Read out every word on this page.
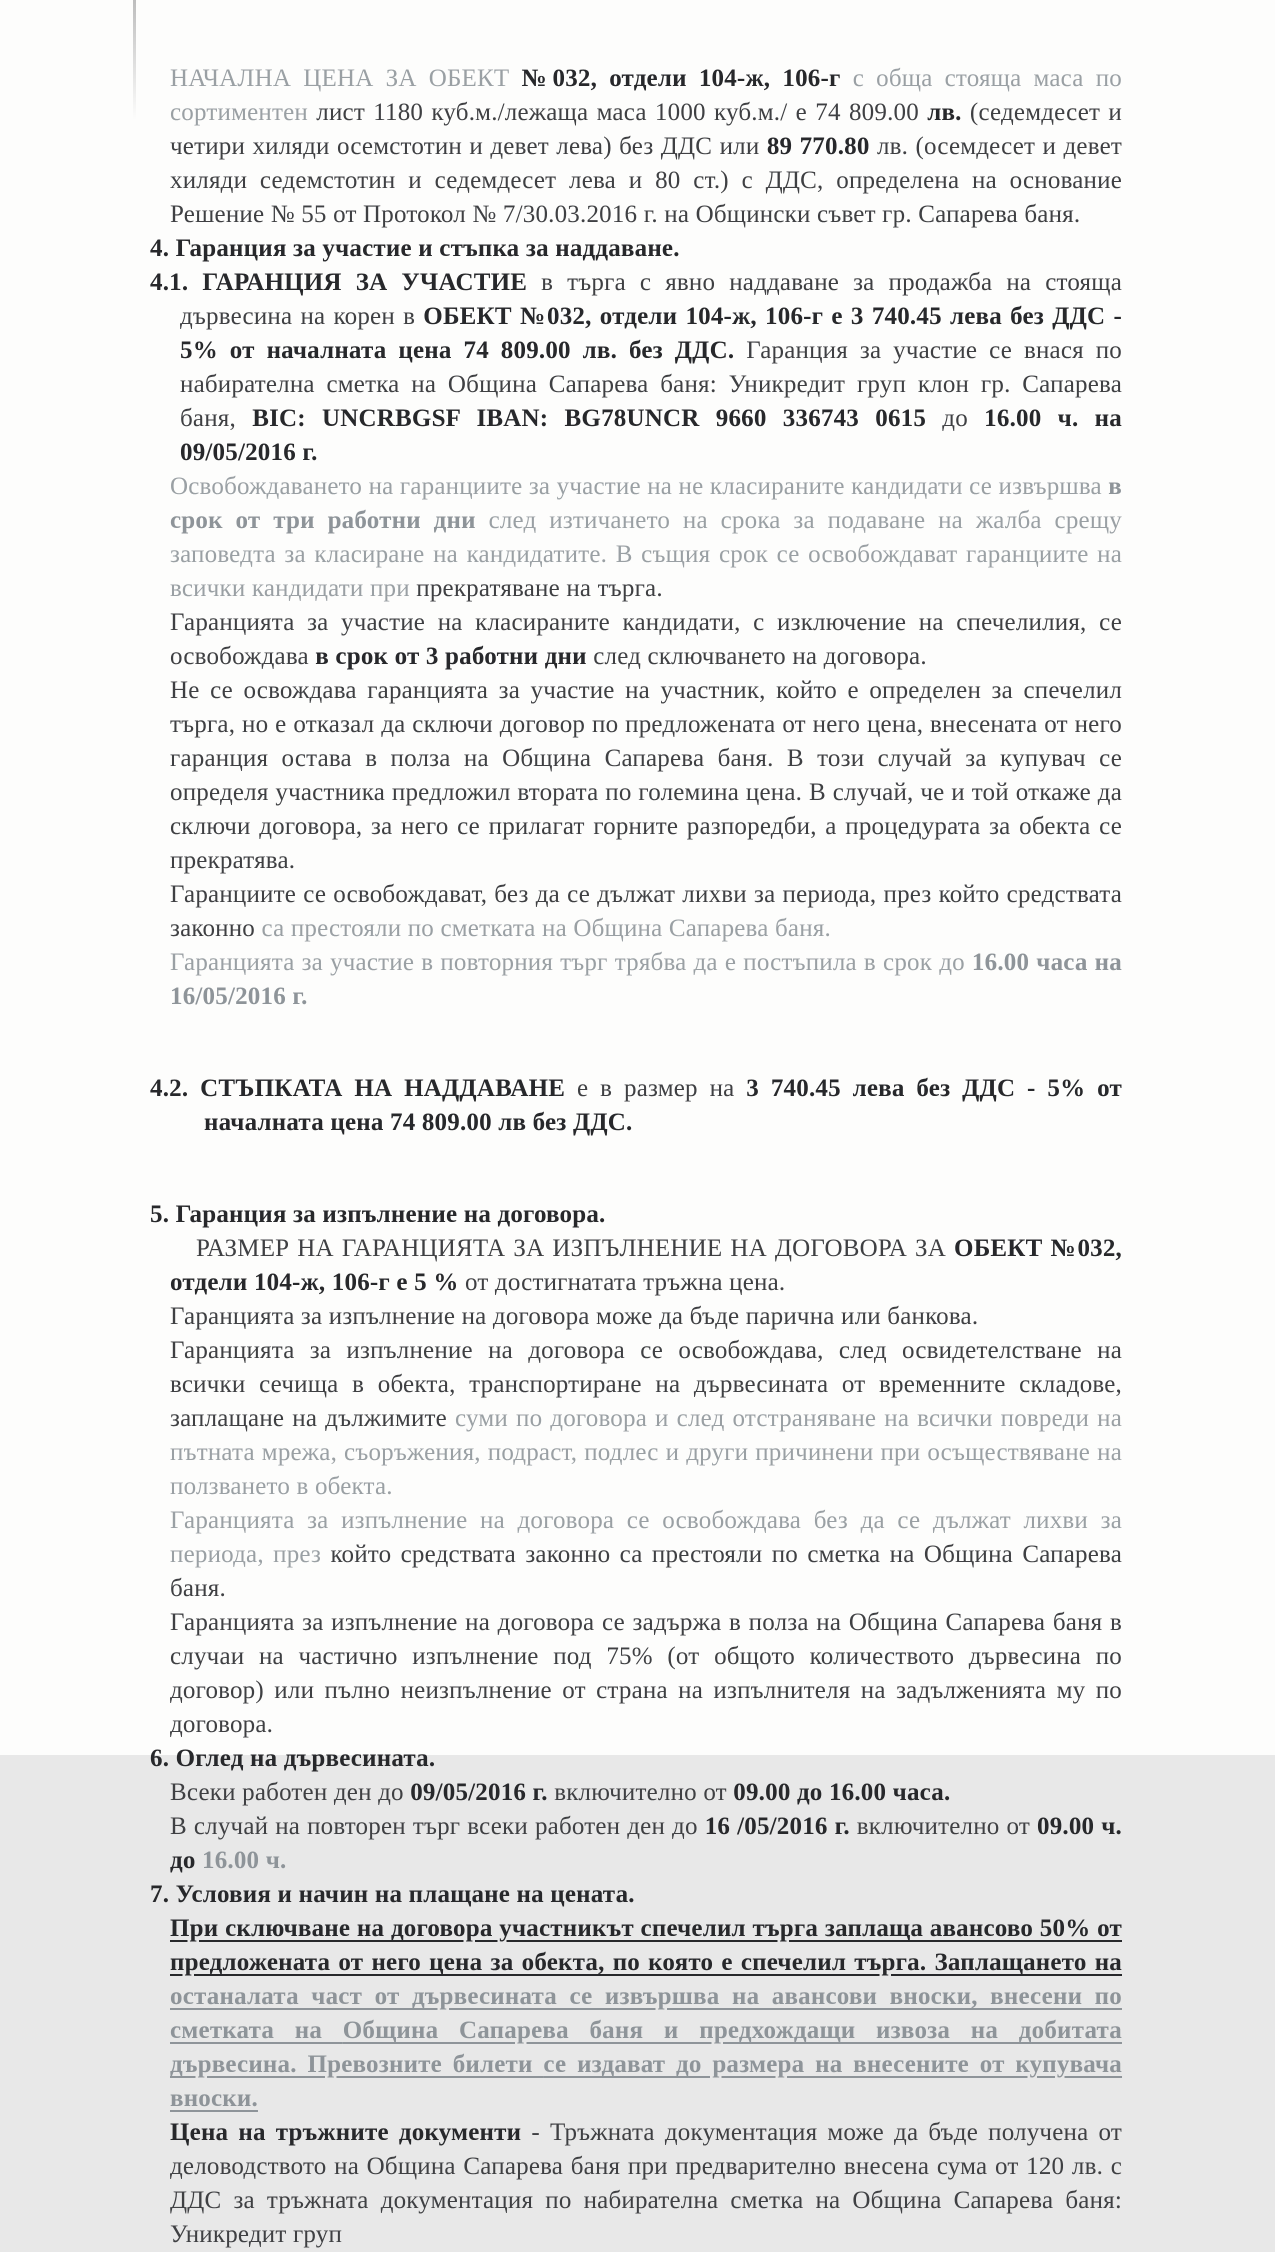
НАЧАЛНА ЦЕНА ЗА ОБЕКТ №032, отдели 104-ж, 106-г с обща стояща маса по сортиментен лист 1180 куб.м./лежаща маса 1000 куб.м./ е 74 809.00 лв. (седемдесет и четири хиляди осемстотин и девет лева) без ДДС или 89 770.80 лв. (осемдесет и девет хиляди седемстотин и седемдесет лева и 80 ст.) с ДДС, определена на основание Решение № 55 от Протокол № 7/30.03.2016 г. на Общински съвет гр. Сапарева баня.
4. Гаранция за участие и стъпка за наддаване.
4.1. ГАРАНЦИЯ ЗА УЧАСТИЕ в търга с явно наддаване за продажба на стояща дървесина на корен в ОБЕКТ №032, отдели 104-ж, 106-г е 3 740.45 лева без ДДС - 5% от началната цена 74 809.00 лв. без ДДС. Гаранция за участие се внася по набирателна сметка на Община Сапарева баня: Уникредит груп клон гр. Сапарева баня, BIC: UNCRBGSF IBAN: BG78UNCR 9660 336743 0615 до 16.00 ч. на 09/05/2016 г.
Освобождаването на гаранциите за участие на не класираните кандидати се извършва в срок от три работни дни след изтичането на срока за подаване на жалба срещу заповедта за класиране на кандидатите. В същия срок се освобождават гаранциите на всички кандидати при прекратяване на търга.
Гаранцията за участие на класираните кандидати, с изключение на спечелилия, се освобождава в срок от 3 работни дни след сключването на договора.
Не се освождава гаранцията за участие на участник, който е определен за спечелил търга, но е отказал да сключи договор по предложената от него цена, внесената от него гаранция остава в полза на Община Сапарева баня. В този случай за купувач се определя участника предложил втората по големина цена. В случай, че и той откаже да сключи договора, за него се прилагат горните разпоредби, а процедурата за обекта се прекратява.
Гаранциите се освобождават, без да се дължат лихви за периода, през който средствата законно са престояли по сметката на Община Сапарева баня.
Гаранцията за участие в повторния търг трябва да е постъпила в срок до 16.00 часа на 16/05/2016 г.
4.2. СТЪПКАТА НА НАДДАВАНЕ е в размер на 3 740.45 лева без ДДС - 5% от началната цена 74 809.00 лв без ДДС.
5. Гаранция за изпълнение на договора.
РАЗМЕР НА ГАРАНЦИЯТА ЗА ИЗПЪЛНЕНИЕ НА ДОГОВОРА ЗА ОБЕКТ №032, отдели 104-ж, 106-г е 5 % от достигнатата тръжна цена.
Гаранцията за изпълнение на договора може да бъде парична или банкова.
Гаранцията за изпълнение на договора се освобождава, след освидетелстване на всички сечища в обекта, транспортиране на дървесината от временните складове, заплащане на дължимите суми по договора и след отстраняване на всички повреди на пътната мрежа, съоръжения, подраст, подлес и други причинени при осъществяване на ползването в обекта.
Гаранцията за изпълнение на договора се освобождава без да се дължат лихви за периода, през който средствата законно са престояли по сметка на Община Сапарева баня.
Гаранцията за изпълнение на договора се задържа в полза на Община Сапарева баня в случаи на частично изпълнение под 75% (от общото количеството дървесина по договор) или пълно неизпълнение от страна на изпълнителя на задълженията му по договора.
6. Оглед на дървесината.
Всеки работен ден до 09/05/2016 г. включително от 09.00 до 16.00 часа.
В случай на повторен търг всеки работен ден до 16 /05/2016 г. включително от 09.00 ч. до 16.00 ч.
7. Условия и начин на плащане на цената.
При сключване на договора участникът спечелил търга заплаща авансово 50% от предложената от него цена за обекта, по която е спечелил търга. Заплащането на останалата част от дървесината се извършва на авансови вноски, внесени по сметката на Община Сапарева баня и предхождащи извоза на добитата дървесина. Превозните билети се издават до размера на внесените от купувача вноски.
Цена на тръжните документи - Тръжната документация може да бъде получена от деловодството на Община Сапарева баня при предварително внесена сума от 120 лв. с ДДС за тръжната документация по набирателна сметка на Община Сапарева баня: Уникредит груп
